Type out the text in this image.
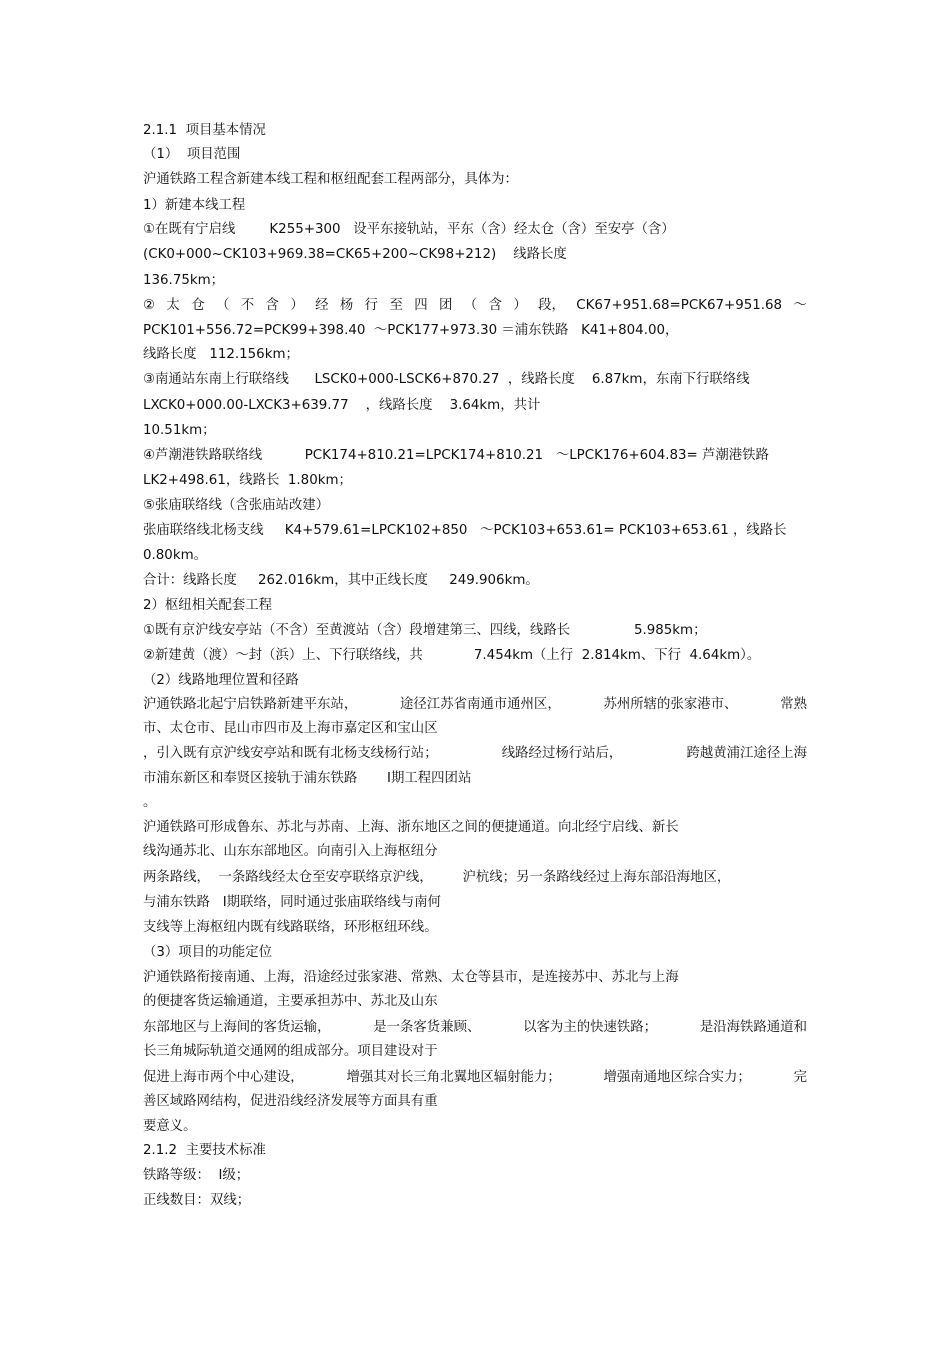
2.1.1  项目基本情况
（1）  项目范围
沪通铁路工程含新建本线工程和枢纽配套工程两部分，具体为：
1）新建本线工程
①在既有宁启线        K255+300   设平东接轨站，平东（含）经太仓（含）至安亭（含）
(CK0+000~CK103+969.38=CK65+200~CK98+212)    线路长度
136.75km；
② 太 仓 （ 不 含 ） 经 杨 行 至 四 团 （ 含 ） 段， CK67+951.68=PCK67+951.68 ～
PCK101+556.72=PCK99+398.40  ～PCK177+973.30 ＝浦东铁路   K41+804.00，
线路长度   112.156km；
③南通站东南上行联络线      LSCK0+000-LSCK6+870.27  ，线路长度    6.87km，东南下行联络线
LXCK0+000.00-LXCK3+639.77    ，线路长度    3.64km，共计
10.51km；
④芦潮港铁路联络线          PCK174+810.21=LPCK174+810.21   ～LPCK176+604.83= 芦潮港铁路
LK2+498.61，线路长  1.80km；
⑤张庙联络线（含张庙站改建）
张庙联络线北杨支线     K4+579.61=LPCK102+850   ～PCK103+653.61= PCK103+653.61 ，线路长
0.80km。
合计：线路长度     262.016km，其中正线长度     249.906km。
2）枢纽相关配套工程
①既有京沪线安亭站（不含）至黄渡站（含）段增建第三、四线，线路长               5.985km；
②新建黄（渡）～封（浜）上、下行联络线，共            7.454km（上行  2.814km、下行  4.64km）。
（2）线路地理位置和径路
沪通铁路北起宁启铁路新建平东站，	途径江苏省南通市通州区，	苏州所辖的张家港市、	常熟
市、太仓市、昆山市四市及上海市嘉定区和宝山区
，引入既有京沪线安亭站和既有北杨支线杨行站；	线路经过杨行站后，	跨越黄浦江途径上海
市浦东新区和奉贤区接轨于浦东铁路       Ⅰ期工程四团站
。
沪通铁路可形成鲁东、苏北与苏南、上海、浙东地区之间的便捷通道。向北经宁启线、新长
线沟通苏北、山东东部地区。向南引入上海枢纽分
两条路线，  一条路线经太仓至安亭联络京沪线，       沪杭线；另一条路线经过上海东部沿海地区，
与浦东铁路   Ⅰ期联络，同时通过张庙联络线与南何
支线等上海枢纽内既有线路联络，环形枢纽环线。
（3）项目的功能定位
沪通铁路衔接南通、上海，沿途经过张家港、常熟、太仓等县市，是连接苏中、苏北与上海
的便捷客货运输通道，主要承担苏中、苏北及山东
东部地区与上海间的客货运输，	是一条客货兼顾、	以客为主的快速铁路；	是沿海铁路通道和
长三角城际轨道交通网的组成部分。项目建设对于
促进上海市两个中心建设，	增强其对长三角北翼地区辐射能力；	增强南通地区综合实力；	完
善区域路网结构，促进沿线经济发展等方面具有重
要意义。
2.1.2  主要技术标准
铁路等级：  Ⅰ级；
正线数目：双线；
